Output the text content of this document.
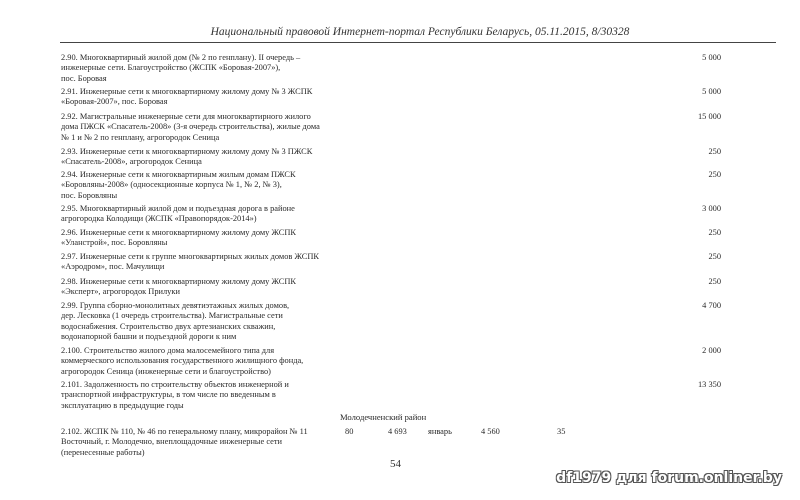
Национальный правовой Интернет-портал Республики Беларусь, 05.11.2015, 8/30328
2.90. Многоквартирный жилой дом (№ 2 по генплану). II очередь –
инженерные сети. Благоустройство (ЖСПК «Боровая-2007»),
пос. Боровая
5 000
2.91. Инженерные сети к многоквартирному жилому дому № 3 ЖСПК
«Боровая-2007», пос. Боровая
5 000
2.92. Магистральные инженерные сети для многоквартирного жилого
дома ПЖСК «Спасатель-2008» (3-я очередь строительства), жилые дома
№ 1 и № 2 по генплану, агрогородок Сеница
15 000
2.93. Инженерные сети к многоквартирному жилому дому № 3 ПЖСК
«Спасатель-2008», агрогородок Сеница
250
2.94. Инженерные сети к многоквартирным жилым домам ПЖСК
«Боровляны-2008» (односекционные корпуса № 1, № 2, № 3),
пос. Боровляны
250
2.95. Многоквартирный жилой дом и подъездная дорога в районе
агрогородка Колодищи (ЖСПК «Правопорядок-2014»)
3 000
2.96. Инженерные сети к многоквартирному жилому дому ЖСПК
«Уланстрой», пос. Боровляны
250
2.97. Инженерные сети к группе многоквартирных жилых домов ЖСПК
«Аэродром», пос. Мачулищи
250
2.98. Инженерные сети к многоквартирному жилому дому ЖСПК
«Эксперт», агрогородок Прилуки
250
2.99. Группа сборно-монолитных девятиэтажных жилых домов,
дер. Лесковка (1 очередь строительства). Магистральные сети
водоснабжения. Строительство двух артезианских скважин,
водонапорной башни и подъездной дороги к ним
4 700
2.100. Строительство жилого дома малосемейного типа для
коммерческого использования государственного жилищного фонда,
агрогородок Сеница (инженерные сети и благоустройство)
2 000
2.101. Задолженность по строительству объектов инженерной и
транспортной инфраструктуры, в том числе по введенным в
эксплуатацию в предыдущие годы
13 350
Молодечненский район
2.102. ЖСПК № 110, № 46 по генеральному плану, микрорайон № 11 Восточный, г. Молодечно, внеплощадочные инженерные сети (перенесенные работы)
80	4 693	январь	4 560	35
54
df1979 для forum.onliner.by
